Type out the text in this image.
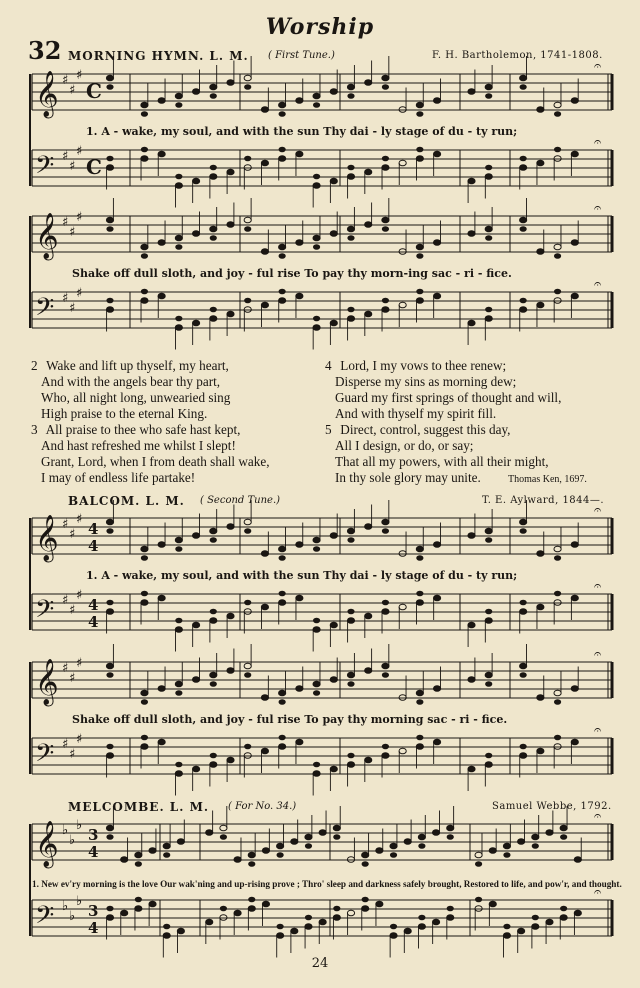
Worship
32 MORNING HYMN. L. M. ( First Tune.)	F. H. Bartholemon, 1741-1808.
𝄞 ♯
♯
♯
C
𝄐
𝄢 ♯
♯
♯
C
𝄐
1. A - wake, my soul, and with the sun Thy dai - ly stage of du - ty run;
𝄞 ♯
♯
♯
𝄐
𝄢 ♯
♯
♯
𝄐
Shake off dull sloth, and joy - ful rise To pay thy morn-ing sac - ri - fice.
2 Wake and lift up thyself, my heart,
And with the angels bear thy part,
Who, all night long, unwearied sing
High praise to the eternal King.
3 All praise to thee who safe hast kept,
And hast refreshed me whilst I slept!
Grant, Lord, when I from death shall wake,
I may of endless life partake!
4 Lord, I my vows to thee renew;
Disperse my sins as morning dew;
Guard my first springs of thought and will,
And with thyself my spirit fill.
5 Direct, control, suggest this day,
All I design, or do, or say;
That all my powers, with all their might,
In thy sole glory may unite.	Thomas Ken, 1697.
BALCOM. L. M. ( Second Tune.)	T. E. Aylward, 1844—.
𝄞 ♯
♯
♯
4
4
𝄐
𝄢 ♯
♯
♯
4
4
𝄐
1. A - wake, my soul, and with the sun Thy dai - ly stage of du - ty run;
𝄞 ♯
♯
♯
𝄐
𝄢 ♯
♯
♯
𝄐
Shake off dull sloth, and joy - ful rise To pay thy morning sac - ri - fice.
MELCOMBE. L. M. ( For No. 34.)	Samuel Webbe, 1792.
𝄞 ♭
♭
♭
3
4
𝄐
𝄢 ♭
♭
♭
3
4
𝄐
1. New ev'ry morning is the love Our wak'ning and up-rising prove ; Thro' sleep and darkness safely brought, Restored to life, and pow'r, and thought.
24
